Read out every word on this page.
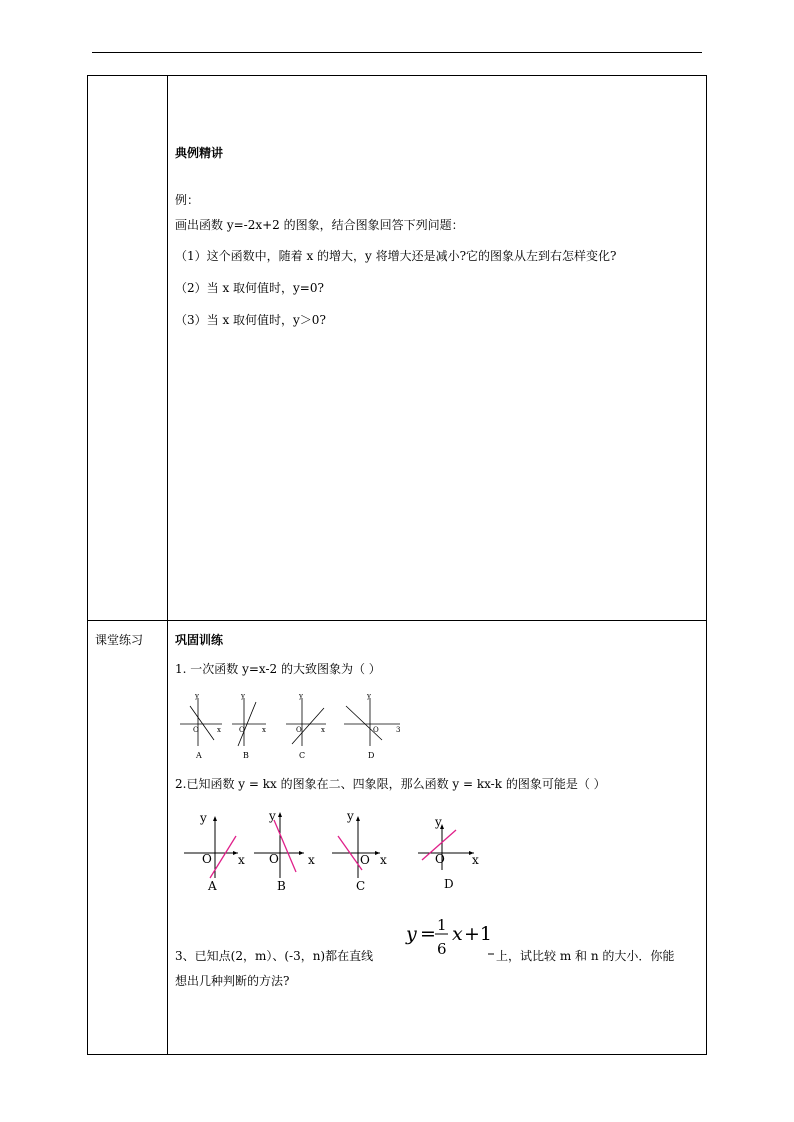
典例精讲
例：
画出函数 y=-2x+2 的图象，结合图象回答下列问题：
（1）这个函数中，随着 x 的增大，y 将增大还是减小?它的图象从左到右怎样变化?
（2）当 x 取何值时，y=0?
（3）当 x 取何值时，y＞0?
课堂练习	巩固训练
1. 一次函数 y=x-2 的大致图象为（ ）
y
O	x
y
O x
y
O	x
y
O 3
A	B	C	D
2.已知函数 y = kx 的图象在二、四象限，那么函数 y = kx-k 的图象可能是（ ）
y
O x
y
O x
y
O x
y
O x
A	B	C	D
3、已知点(2，m）、(-3，n)都在直线
y = 1
6
x +1
上，试比较 m 和 n 的大小．你能
想出几种判断的方法?
